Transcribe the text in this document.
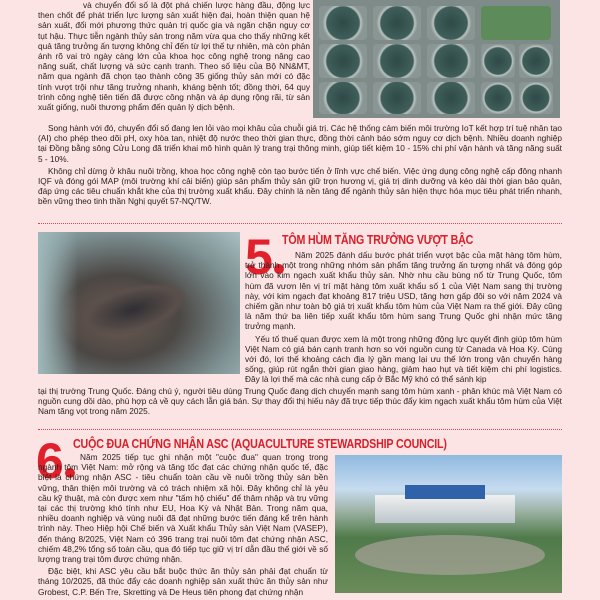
và chuyển đổi số là đột phá chiến lược hàng đầu, động lực then chốt để phát triển lực lượng sản xuất hiện đại, hoàn thiện quan hệ sản xuất, đổi mới phương thức quản trị quốc gia và ngăn chặn nguy cơ tụt hậu. Thực tiễn ngành thủy sản trong năm vừa qua cho thấy những kết quả tăng trưởng ấn tượng không chỉ đến từ lợi thế tự nhiên, mà còn phản ánh rõ vai trò ngày càng lớn của khoa học công nghệ trong nâng cao năng suất, chất lượng và sức cạnh tranh. Theo số liệu của Bộ NN&MT, năm qua ngành đã chọn tạo thành công 35 giống thủy sản mới có đặc tính vượt trội như tăng trưởng nhanh, kháng bệnh tốt; đồng thời, 64 quy trình công nghệ tiên tiến đã được công nhận và áp dụng rộng rãi, từ sản xuất giống, nuôi thương phẩm đến quản lý dịch bệnh.

Song hành với đó, chuyển đổi số đang len lỏi vào mọi khâu của chuỗi giá trị. Các hệ thống cảm biến môi trường IoT kết hợp trí tuệ nhân tạo (AI) cho phép theo dõi pH, oxy hòa tan, nhiệt độ nước theo thời gian thực, đồng thời cảnh báo sớm nguy cơ dịch bệnh. Nhiều doanh nghiệp tại Đồng bằng sông Cửu Long đã triển khai mô hình quản lý trang trại thông minh, giúp tiết kiệm 10 - 15% chi phí vận hành và tăng năng suất 5 - 10%.

Không chỉ dừng ở khâu nuôi trồng, khoa học công nghệ còn tạo bước tiến ở lĩnh vực chế biến. Việc ứng dụng công nghệ cấp đông nhanh IQF và đóng gói MAP (môi trường khí cải biến) giúp sản phẩm thủy sản giữ trọn hương vị, giá trị dinh dưỡng và kéo dài thời gian bảo quản, đáp ứng các tiêu chuẩn khắt khe của thị trường xuất khẩu. Đây chính là nền tảng để ngành thủy sản hiện thực hóa mục tiêu phát triển nhanh, bền vững theo tinh thần Nghị quyết 57-NQ/TW.

5 TÔM HÙM TĂNG TRƯỞNG VƯỢT BẬC

Năm 2025 đánh dấu bước phát triển vượt bậc của mặt hàng tôm hùm, trở thành một trong những nhóm sản phẩm tăng trưởng ấn tượng nhất và đóng góp lớn vào kim ngạch xuất khẩu thủy sản. Nhờ nhu cầu bùng nổ từ Trung Quốc, tôm hùm đã vươn lên vị trí mặt hàng tôm xuất khẩu số 1 của Việt Nam sang thị trường này, với kim ngạch đạt khoảng 817 triệu USD, tăng hơn gấp đôi so với năm 2024 và chiếm gần như toàn bộ giá trị xuất khẩu tôm hùm của Việt Nam ra thế giới. Đây cũng là năm thứ ba liên tiếp xuất khẩu tôm hùm sang Trung Quốc ghi nhận mức tăng trưởng mạnh.

Yếu tố thuế quan được xem là một trong những động lực quyết định giúp tôm hùm Việt Nam có giá bán cạnh tranh hơn so với nguồn cung từ Canada và Hoa Kỳ. Cùng với đó, lợi thế khoảng cách địa lý gần mang lại ưu thế lớn trong vận chuyển hàng sống, giúp rút ngắn thời gian giao hàng, giảm hao hụt và tiết kiệm chi phí logistics. Đây là lợi thế mà các nhà cung cấp ở Bắc Mỹ khó có thể sánh kịp

tại thị trường Trung Quốc. Đáng chú ý, người tiêu dùng Trung Quốc đang dịch chuyển mạnh sang tôm hùm xanh - phân khúc mà Việt Nam có nguồn cung dồi dào, phù hợp cả về quy cách lẫn giá bán. Sự thay đổi thị hiếu này đã trực tiếp thúc đẩy kim ngạch xuất khẩu tôm hùm của Việt Nam tăng vọt trong năm 2025.

6 CUỘC ĐUA CHỨNG NHẬN ASC (AQUACULTURE STEWARDSHIP COUNCIL)

Năm 2025 tiếp tục ghi nhận một "cuộc đua" quan trọng trong ngành tôm Việt Nam: mở rộng và tăng tốc đạt các chứng nhận quốc tế, đặc biệt là chứng nhận ASC - tiêu chuẩn toàn cầu về nuôi trồng thủy sản bền vững, thân thiện môi trường và có trách nhiệm xã hội. Đây không chỉ là yêu cầu kỹ thuật, mà còn được xem như "tấm hộ chiếu" để thâm nhập và trụ vững tại các thị trường khó tính như EU, Hoa Kỳ và Nhật Bản. Trong năm qua, nhiều doanh nghiệp và vùng nuôi đã đạt những bước tiến đáng kể trên hành trình này. Theo Hiệp hội Chế biến và Xuất khẩu Thủy sản Việt Nam (VASEP), đến tháng 8/2025, Việt Nam có 396 trang trại nuôi tôm đạt chứng nhận ASC, chiếm 48,2% tổng số toàn cầu, qua đó tiếp tục giữ vị trí dẫn đầu thế giới về số lượng trang trại tôm được chứng nhận.

Đặc biệt, khi ASC yêu cầu bắt buộc thức ăn thủy sản phải đạt chuẩn từ tháng 10/2025, đã thúc đẩy các doanh nghiệp sản xuất thức ăn thủy sản như Grobest, C.P. Bến Tre, Skretting và De Heus tiên phong đạt chứng nhận
